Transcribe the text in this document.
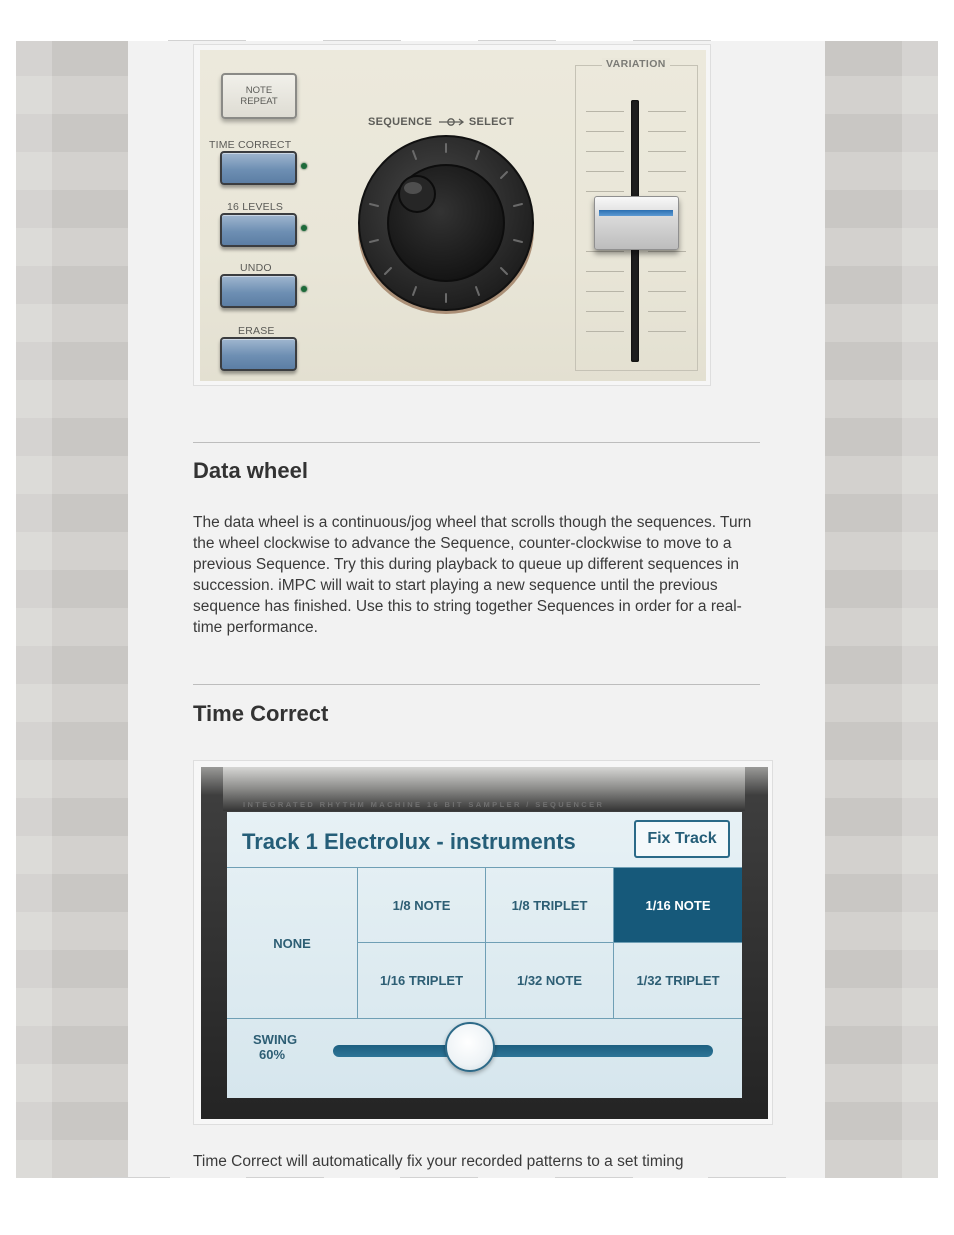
NOTE
REPEAT
TIME CORRECT
16 LEVELS
UNDO
ERASE
SEQUENCE	SELECT
VARIATION
Data wheel

The data wheel is a continuous/jog wheel that scrolls though the sequences. Turn the wheel clockwise to advance the Sequence, counter-clockwise to move to a previous Sequence. Try this during playback to queue up different sequences in succession. iMPC will wait to start playing a new sequence until the previous sequence has finished. Use this to string together Sequences in order for a real-time performance.

Time Correct
INTEGRATED RHYTHM MACHINE 16 BIT SAMPLER / SEQUENCER
Track 1 Electrolux - instruments	Fix Track
NONE
1/8 NOTE	1/8 TRIPLET	1/16 NOTE
1/16 TRIPLET	1/32 NOTE	1/32 TRIPLET
SWING
60%

Time Correct will automatically fix your recorded patterns to a set timing
